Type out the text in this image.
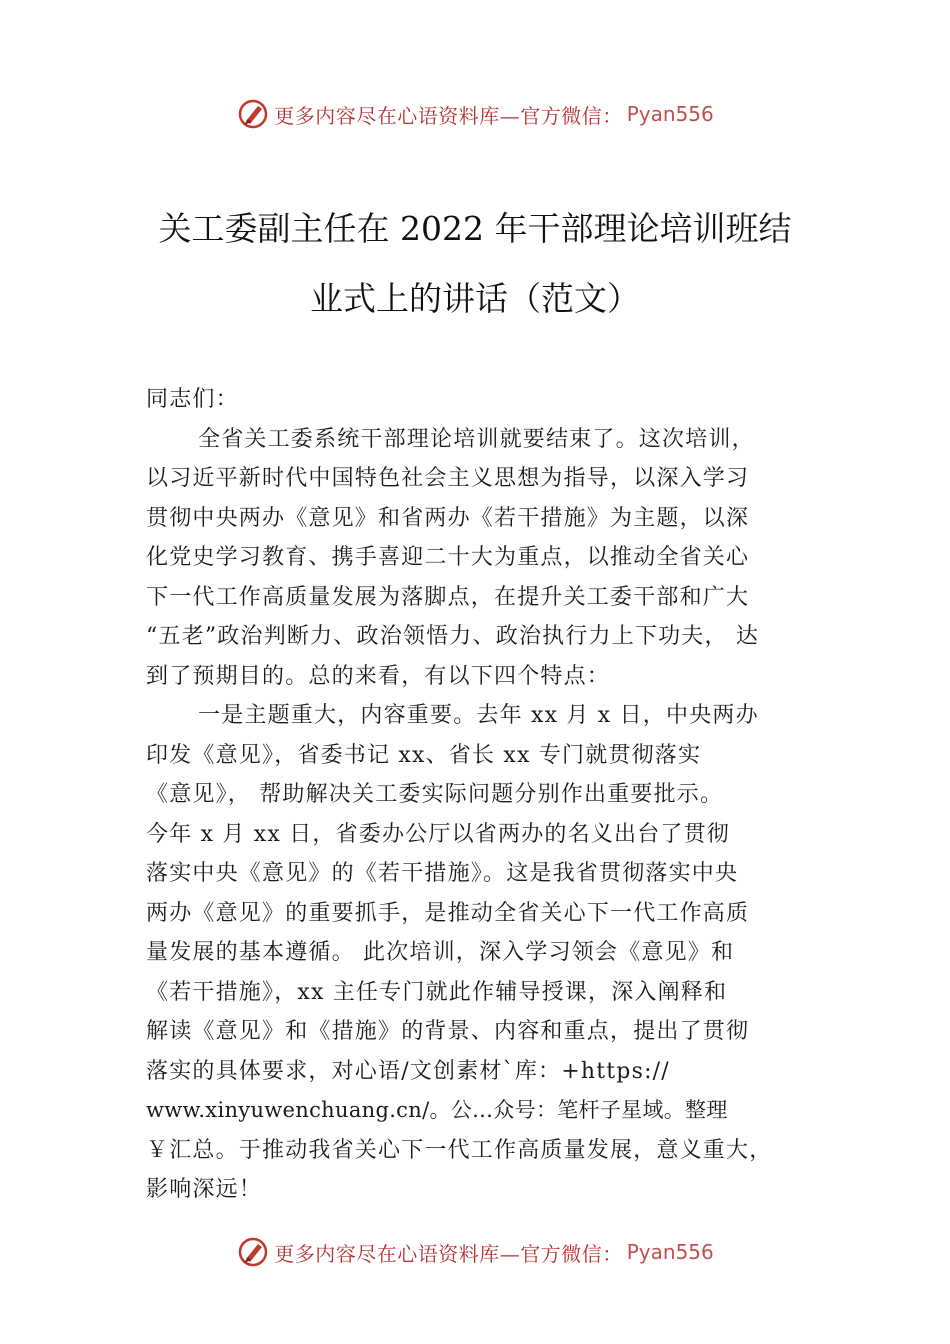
更多内容尽在心语资料库—官方微信： Pyan556
关工委副主任在 2022 年干部理论培训班结
业式上的讲话（范文）
同志们：
全省关工委系统干部理论培训就要结束了。这次培训，
以习近平新时代中国特色社会主义思想为指导，以深入学习
贯彻中央两办《意见》和省两办《若干措施》为主题，以深
化党史学习教育、携手喜迎二十大为重点，以推动全省关心
下一代工作高质量发展为落脚点，在提升关工委干部和广大
“五老”政治判断力、政治领悟力、政治执行力上下功夫， 达
到了预期目的。总的来看，有以下四个特点：
一是主题重大，内容重要。去年 xx 月 x 日，中央两办
印发《意见》，省委书记 xx、省长 xx 专门就贯彻落实
《意见》， 帮助解决关工委实际问题分别作出重要批示。
今年 x 月 xx 日，省委办公厅以省两办的名义出台了贯彻
落实中央《意见》的《若干措施》。这是我省贯彻落实中央
两办《意见》的重要抓手，是推动全省关心下一代工作高质
量发展的基本遵循。 此次培训，深入学习领会《意见》和
《若干措施》，xx 主任专门就此作辅导授课，深入阐释和
解读《意见》和《措施》的背景、内容和重点，提出了贯彻
落实的具体要求，对心语/文创素材`库：+https://
www.xinyuwenchuang.cn/。公…众号：笔杆子星域。整理
￥汇总。于推动我省关心下一代工作高质量发展，意义重大，
影响深远！
更多内容尽在心语资料库—官方微信： Pyan556
